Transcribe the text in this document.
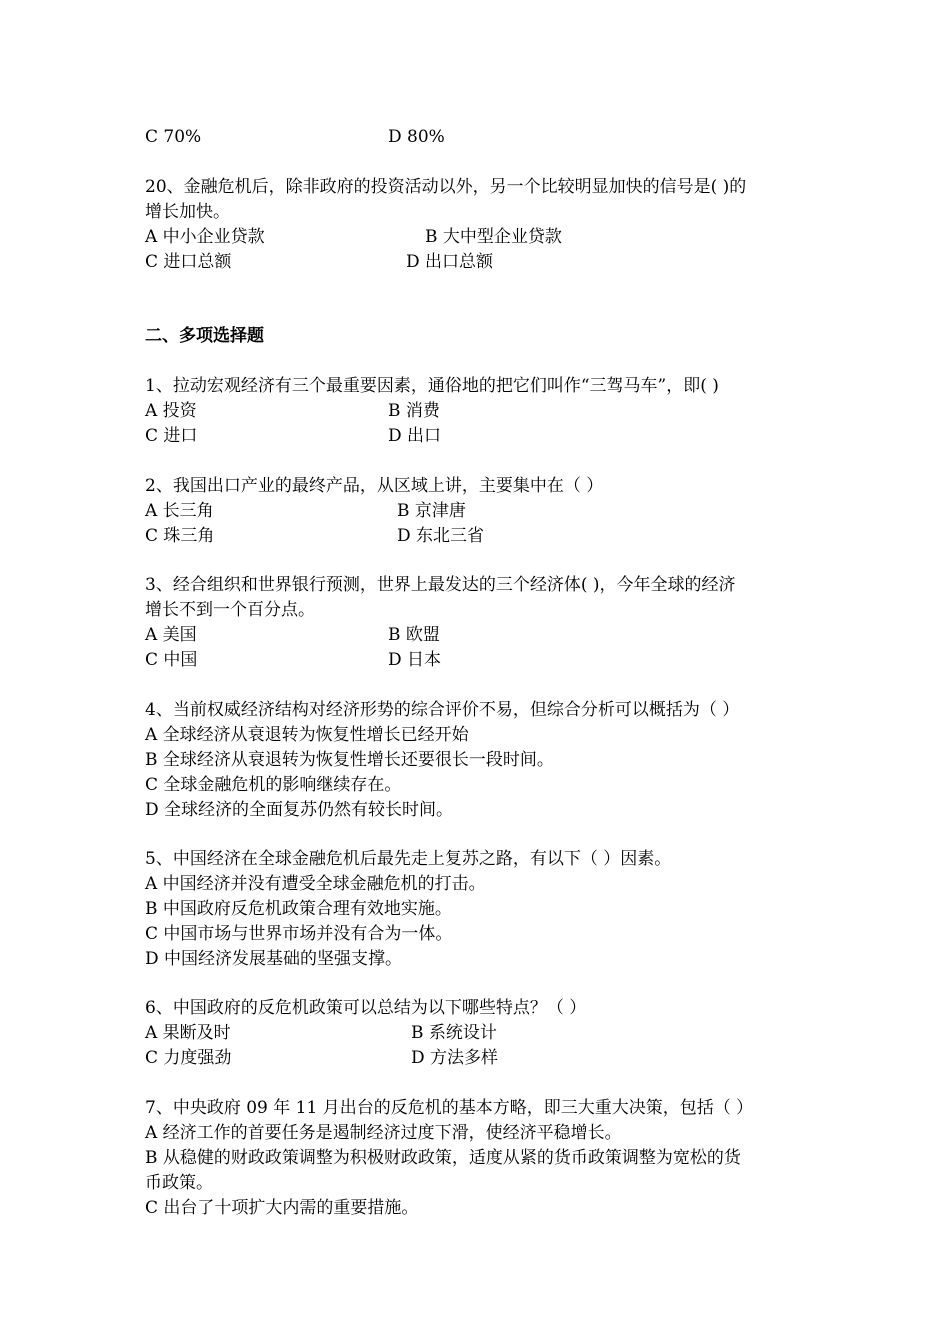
C 70%	D 80%
20、金融危机后，除非政府的投资活动以外，另一个比较明显加快的信号是( )的
增长加快。
A 中小企业贷款	B 大中型企业贷款
C 进口总额	D 出口总额
二、多项选择题
1、拉动宏观经济有三个最重要因素，通俗地的把它们叫作“三驾马车”，即( )
A 投资	B 消费
C 进口	D 出口
2、我国出口产业的最终产品，从区域上讲，主要集中在（ ）
A 长三角	B 京津唐
C 珠三角	D 东北三省
3、经合组织和世界银行预测，世界上最发达的三个经济体( )，今年全球的经济
增长不到一个百分点。
A 美国	B 欧盟
C 中国	D 日本
4、当前权威经济结构对经济形势的综合评价不易，但综合分析可以概括为（ ）
A 全球经济从衰退转为恢复性增长已经开始
B 全球经济从衰退转为恢复性增长还要很长一段时间。
C 全球金融危机的影响继续存在。
D 全球经济的全面复苏仍然有较长时间。
5、中国经济在全球金融危机后最先走上复苏之路，有以下（ ）因素。
A 中国经济并没有遭受全球金融危机的打击。
B 中国政府反危机政策合理有效地实施。
C 中国市场与世界市场并没有合为一体。
D 中国经济发展基础的坚强支撑。
6、中国政府的反危机政策可以总结为以下哪些特点？（ ）
A 果断及时	B 系统设计
C 力度强劲	D 方法多样
7、中央政府 09 年 11 月出台的反危机的基本方略，即三大重大决策，包括（ ）
A 经济工作的首要任务是遏制经济过度下滑，使经济平稳增长。
B 从稳健的财政政策调整为积极财政政策，适度从紧的货币政策调整为宽松的货
币政策。
C 出台了十项扩大内需的重要措施。
